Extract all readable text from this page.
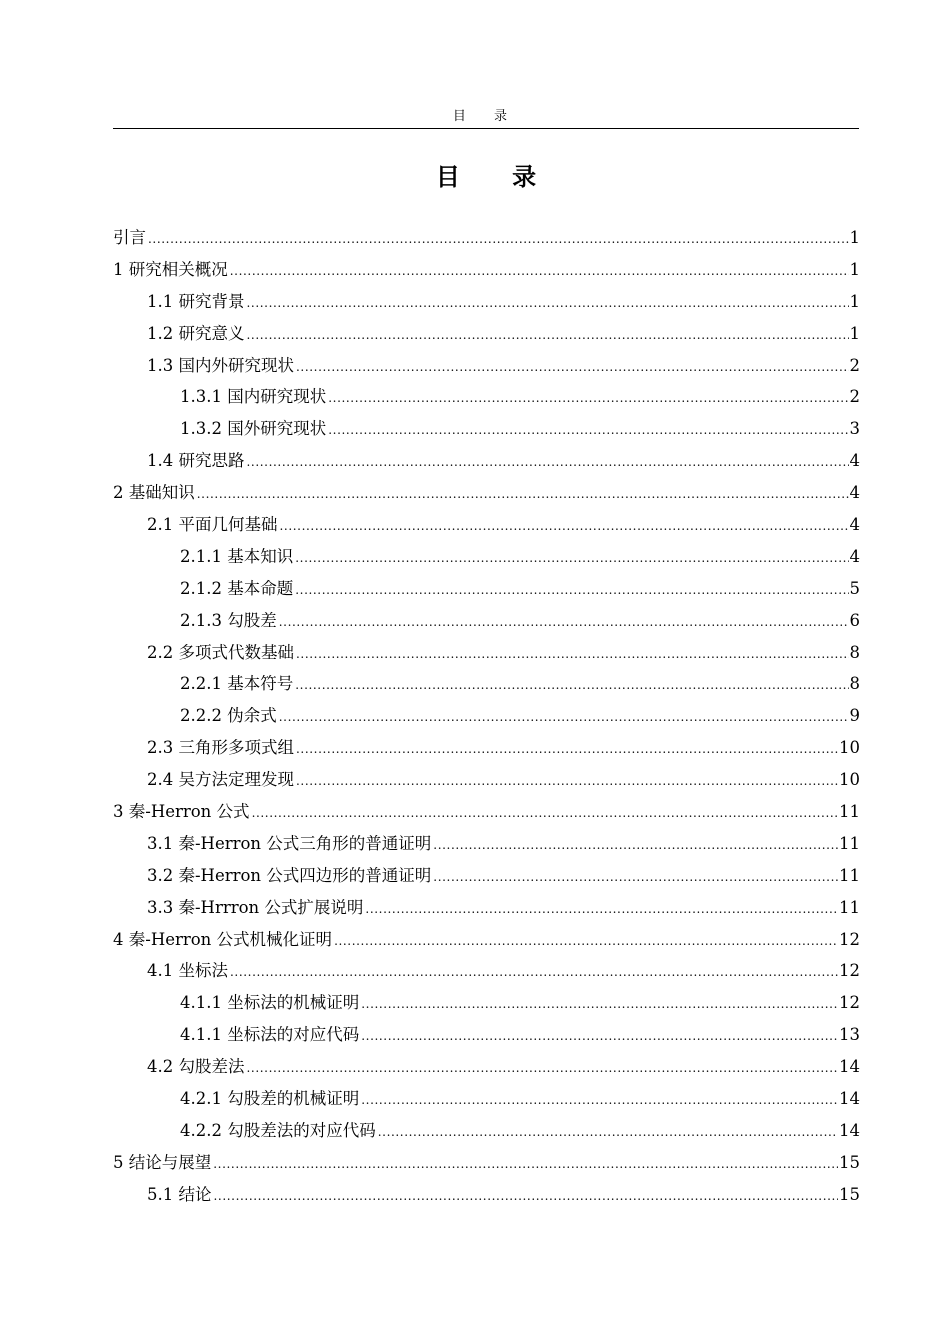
目 录
目 录
引言 .....	1
1 研究相关概况 .....	1
1.1 研究背景 .....	1
1.2 研究意义 .....	1
1.3 国内外研究现状 .....	2
1.3.1 国内研究现状 .....	2
1.3.2 国外研究现状 .....	3
1.4 研究思路 .....	4
2 基础知识 .....	4
2.1 平面几何基础 .....	4
2.1.1 基本知识 .....	4
2.1.2 基本命题 .....	5
2.1.3 勾股差 .....	6
2.2 多项式代数基础 .....	8
2.2.1 基本符号 .....	8
2.2.2 伪余式 .....	9
2.3 三角形多项式组 .....	10
2.4 吴方法定理发现 .....	10
3 秦-Herron 公式 .....	11
3.1 秦-Herron 公式三角形的普通证明 .....	11
3.2 秦-Herron 公式四边形的普通证明 .....	11
3.3 秦-Hrrron 公式扩展说明 .....	11
4 秦-Herron 公式机械化证明 .....	12
4.1 坐标法 .....	12
4.1.1 坐标法的机械证明 .....	12
4.1.1 坐标法的对应代码 .....	13
4.2 勾股差法 .....	14
4.2.1 勾股差的机械证明 .....	14
4.2.2 勾股差法的对应代码 .....	14
5 结论与展望 .....	15
5.1 结论 .....	15
